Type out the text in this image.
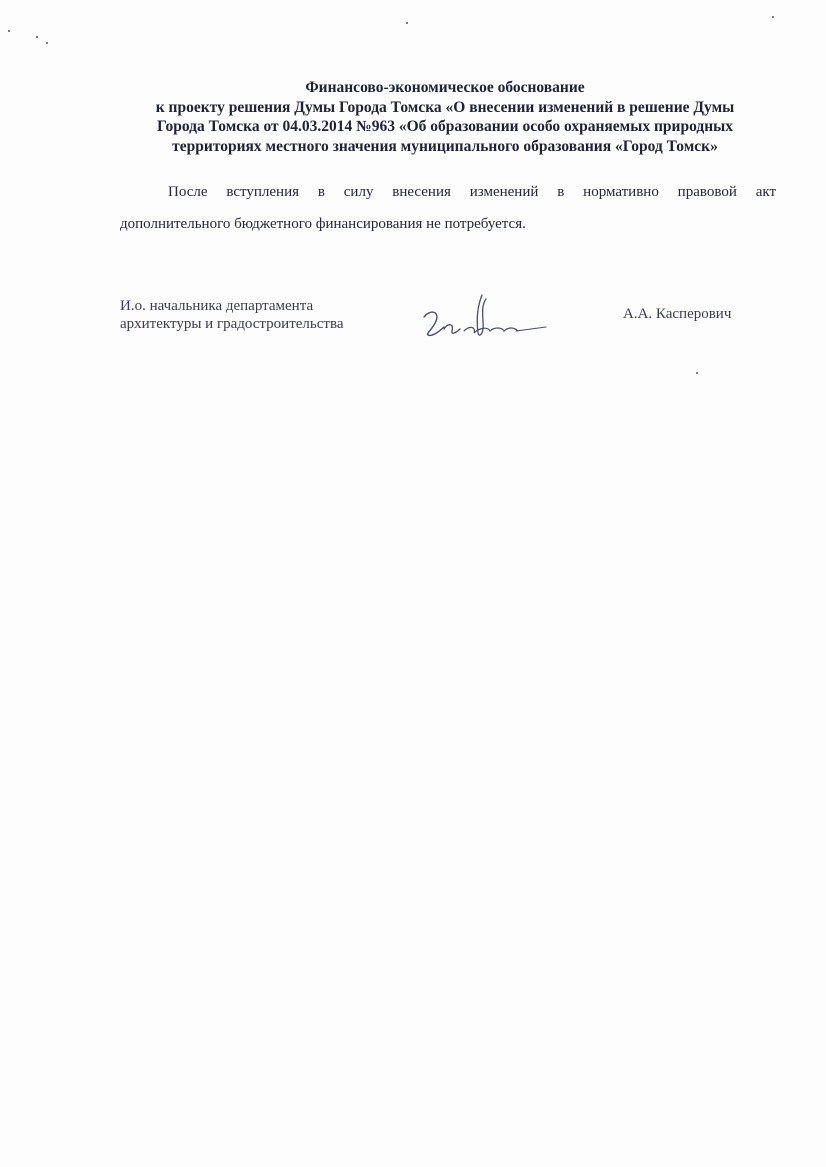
Финансово-экономическое обоснование
к проекту решения Думы Города Томска «О внесении изменений в решение Думы
Города Томска от 04.03.2014 №963 «Об образовании особо охраняемых природных
территориях местного значения муниципального образования «Город Томск»
После вступления в силу внесения изменений в нормативно правовой акт
дополнительного бюджетного финансирования не потребуется.
И.о. начальника департамента
архитектуры и градостроительства
А.А. Касперович
